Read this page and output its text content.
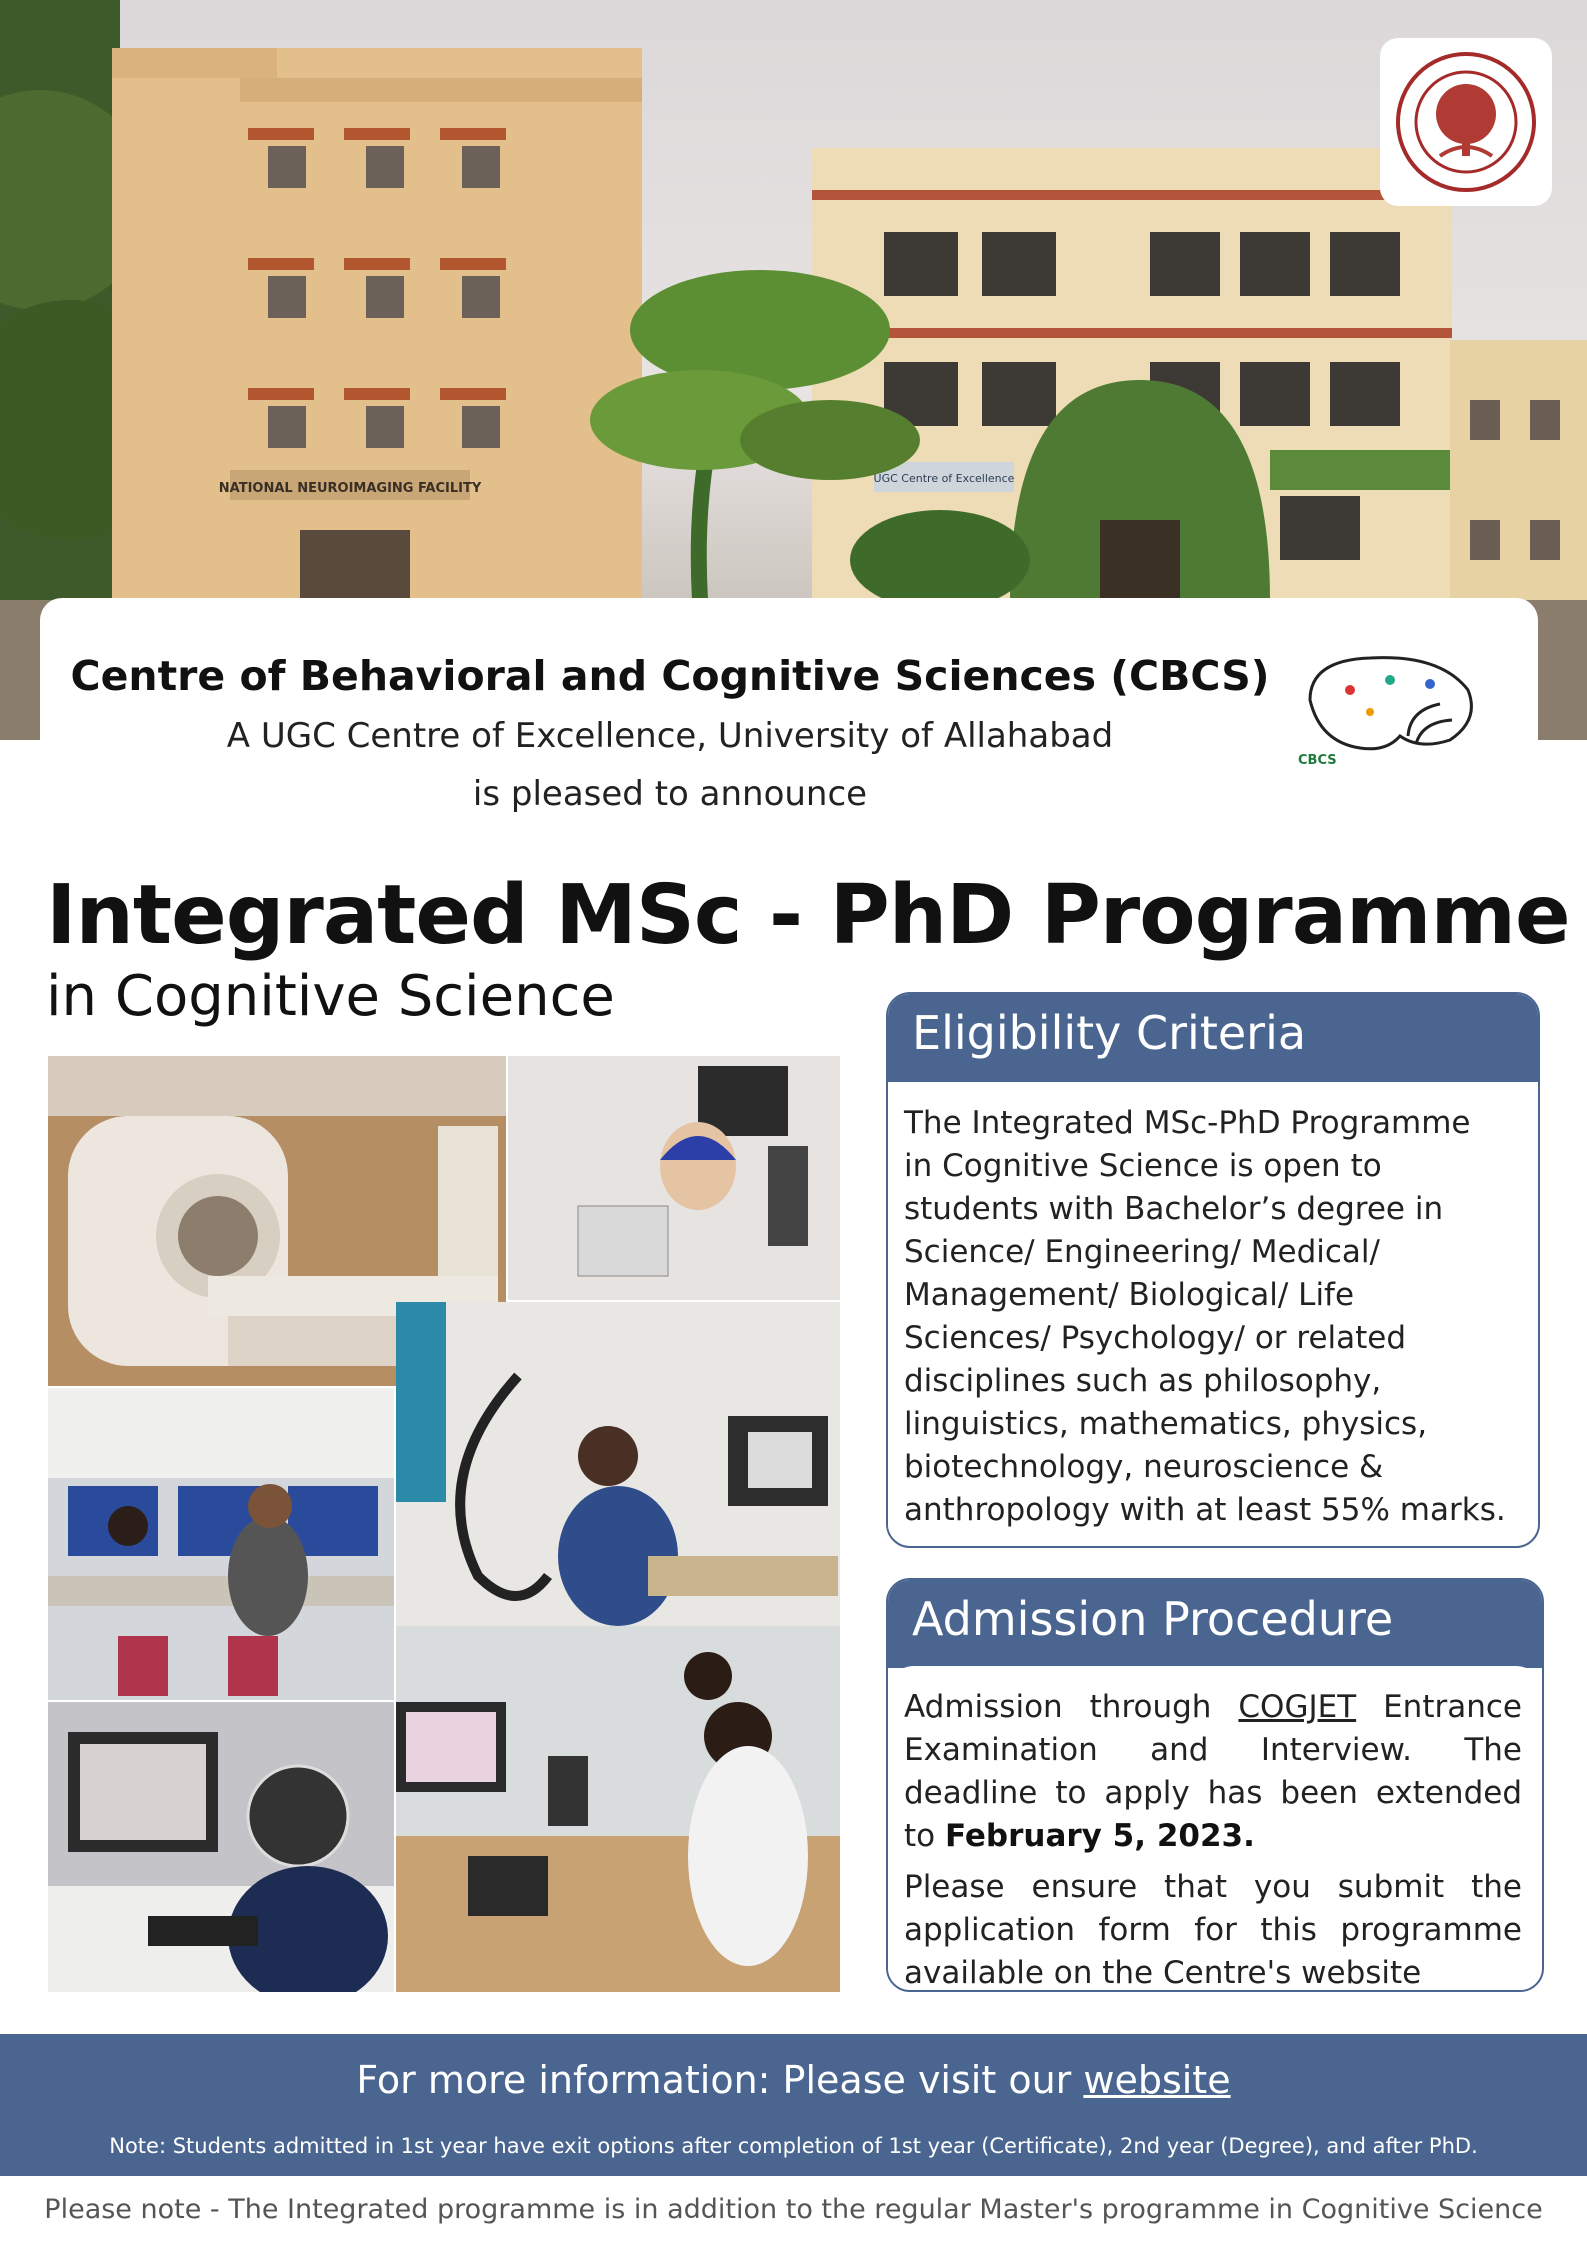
NATIONAL NEUROIMAGING FACILITY
UGC Centre of Excellence
Centre of Behavioral and Cognitive Sciences (CBCS)
A UGC Centre of Excellence, University of Allahabad
is pleased to announce
CBCS
Integrated MSc - PhD Programme
in Cognitive Science
Eligibility Criteria
The Integrated MSc-PhD Programme
in Cognitive Science is open to
students with Bachelor’s degree in
Science/ Engineering/ Medical/
Management/ Biological/ Life
Sciences/ Psychology/ or related
disciplines such as philosophy,
linguistics, mathematics, physics,
biotechnology, neuroscience &
anthropology with at least 55% marks.
Admission Procedure

Admission through COGJET Entrance Examination and Interview. The deadline to apply has been extended to February 5, 2023.

Please ensure that you submit the application form for this programme available on the Centre's website

For more information: Please visit our website
Note: Students admitted in 1st year have exit options after completion of 1st year (Certificate), 2nd year (Degree), and after PhD.
Please note - The Integrated programme is in addition to the regular Master's programme in Cognitive Science
